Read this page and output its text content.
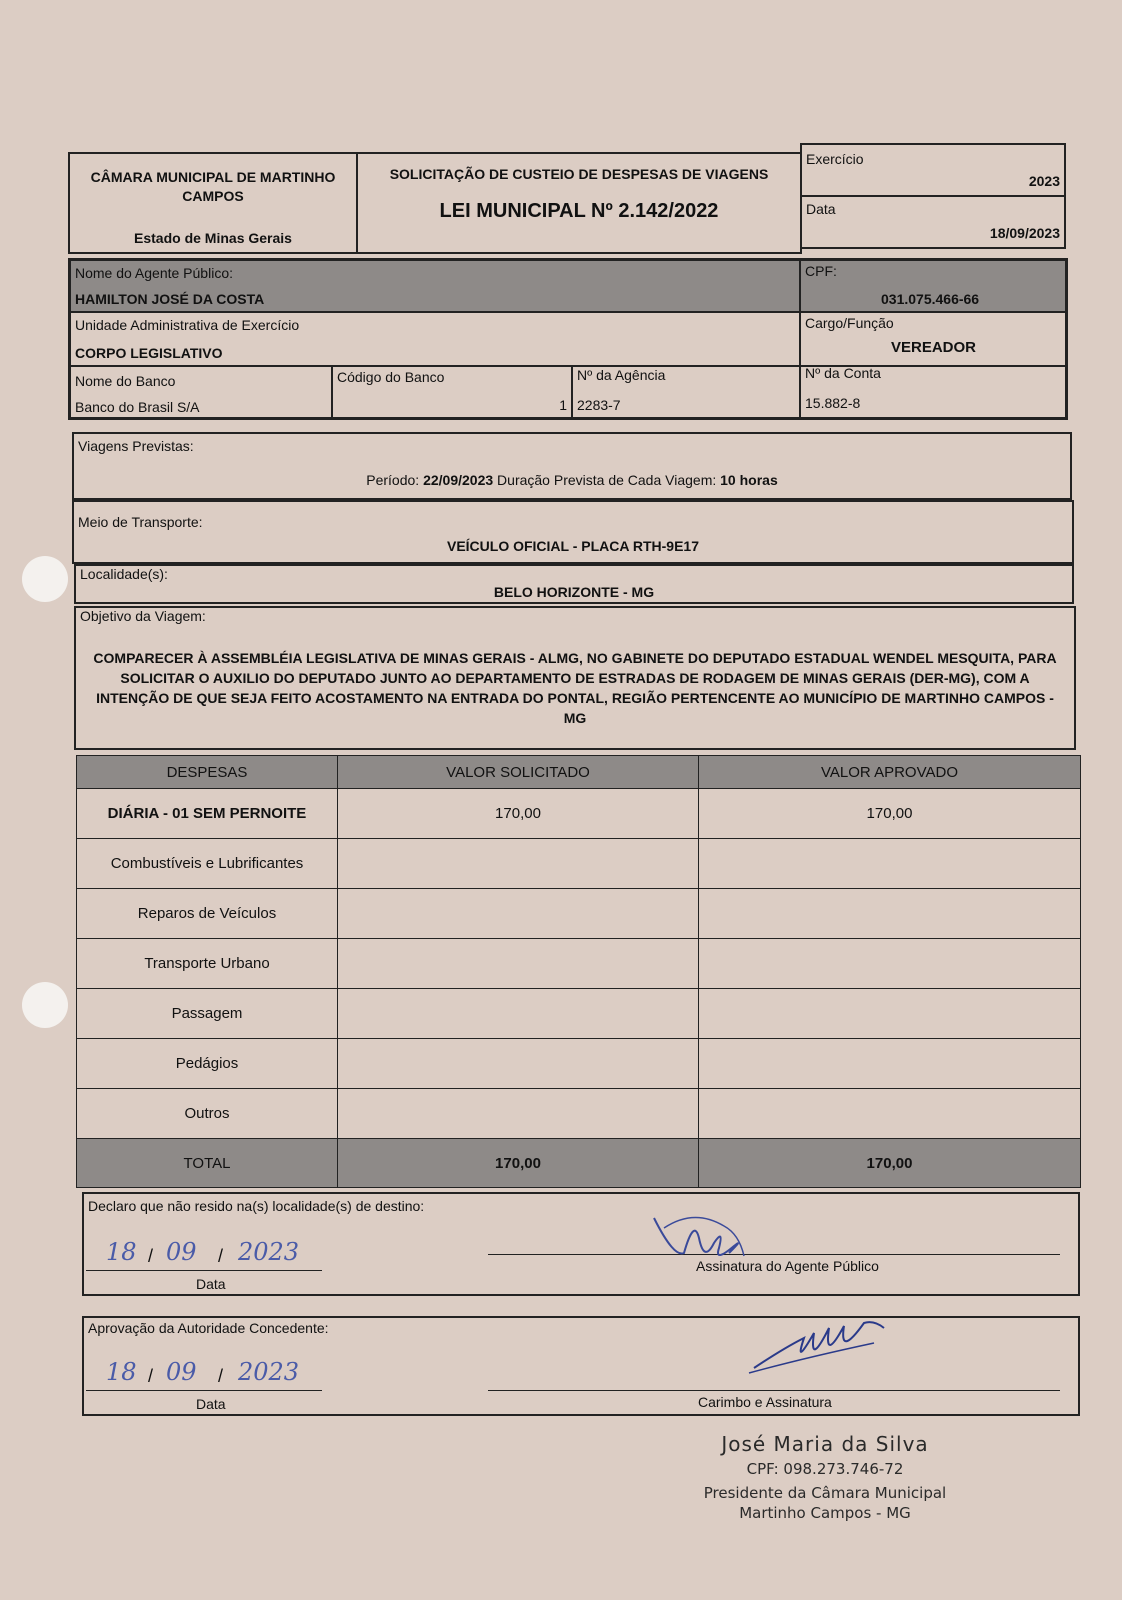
CÂMARA MUNICIPAL DE MARTINHO CAMPOS
Estado de Minas Gerais
SOLICITAÇÃO DE CUSTEIO DE DESPESAS DE VIAGENS
LEI MUNICIPAL Nº 2.142/2022
Exercício
2023
Data
18/09/2023
Nome do Agente Público:
HAMILTON JOSÉ DA COSTA
CPF:
031.075.466-66
Unidade Administrativa de Exercício
CORPO LEGISLATIVO
Cargo/Função
VEREADOR
Nome do Banco
Banco do Brasil S/A
Código do Banco
1
Nº da Agência
2283-7
Nº da Conta
15.882-8
Viagens Previstas:
Período: 22/09/2023 Duração Prevista de Cada Viagem: 10 horas
Meio de Transporte:
VEÍCULO OFICIAL - PLACA RTH-9E17
Localidade(s):
BELO HORIZONTE - MG
Objetivo da Viagem:
COMPARECER À ASSEMBLÉIA LEGISLATIVA DE MINAS GERAIS - ALMG, NO GABINETE DO DEPUTADO ESTADUAL WENDEL MESQUITA, PARA SOLICITAR O AUXILIO DO DEPUTADO JUNTO AO DEPARTAMENTO DE ESTRADAS DE RODAGEM DE MINAS GERAIS (DER-MG), COM A INTENÇÃO DE QUE SEJA FEITO ACOSTAMENTO NA ENTRADA DO PONTAL, REGIÃO PERTENCENTE AO MUNICÍPIO DE MARTINHO CAMPOS - MG
DESPESAS	VALOR SOLICITADO	VALOR APROVADO
DIÁRIA - 01 SEM PERNOITE	170,00	170,00
Combustíveis e Lubrificantes		
Reparos de Veículos		
Transporte Urbano		
Passagem		
Pedágios		
Outros		
TOTAL	170,00	170,00
Declaro que não resido na(s) localidade(s) de destino:
18 / 09 / 2023
Data
Assinatura do Agente Público
Aprovação da Autoridade Concedente:
18 / 09 / 2023
Data	Carimbo e Assinatura
José Maria da Silva
CPF: 098.273.746-72
Presidente da Câmara Municipal
Martinho Campos - MG
